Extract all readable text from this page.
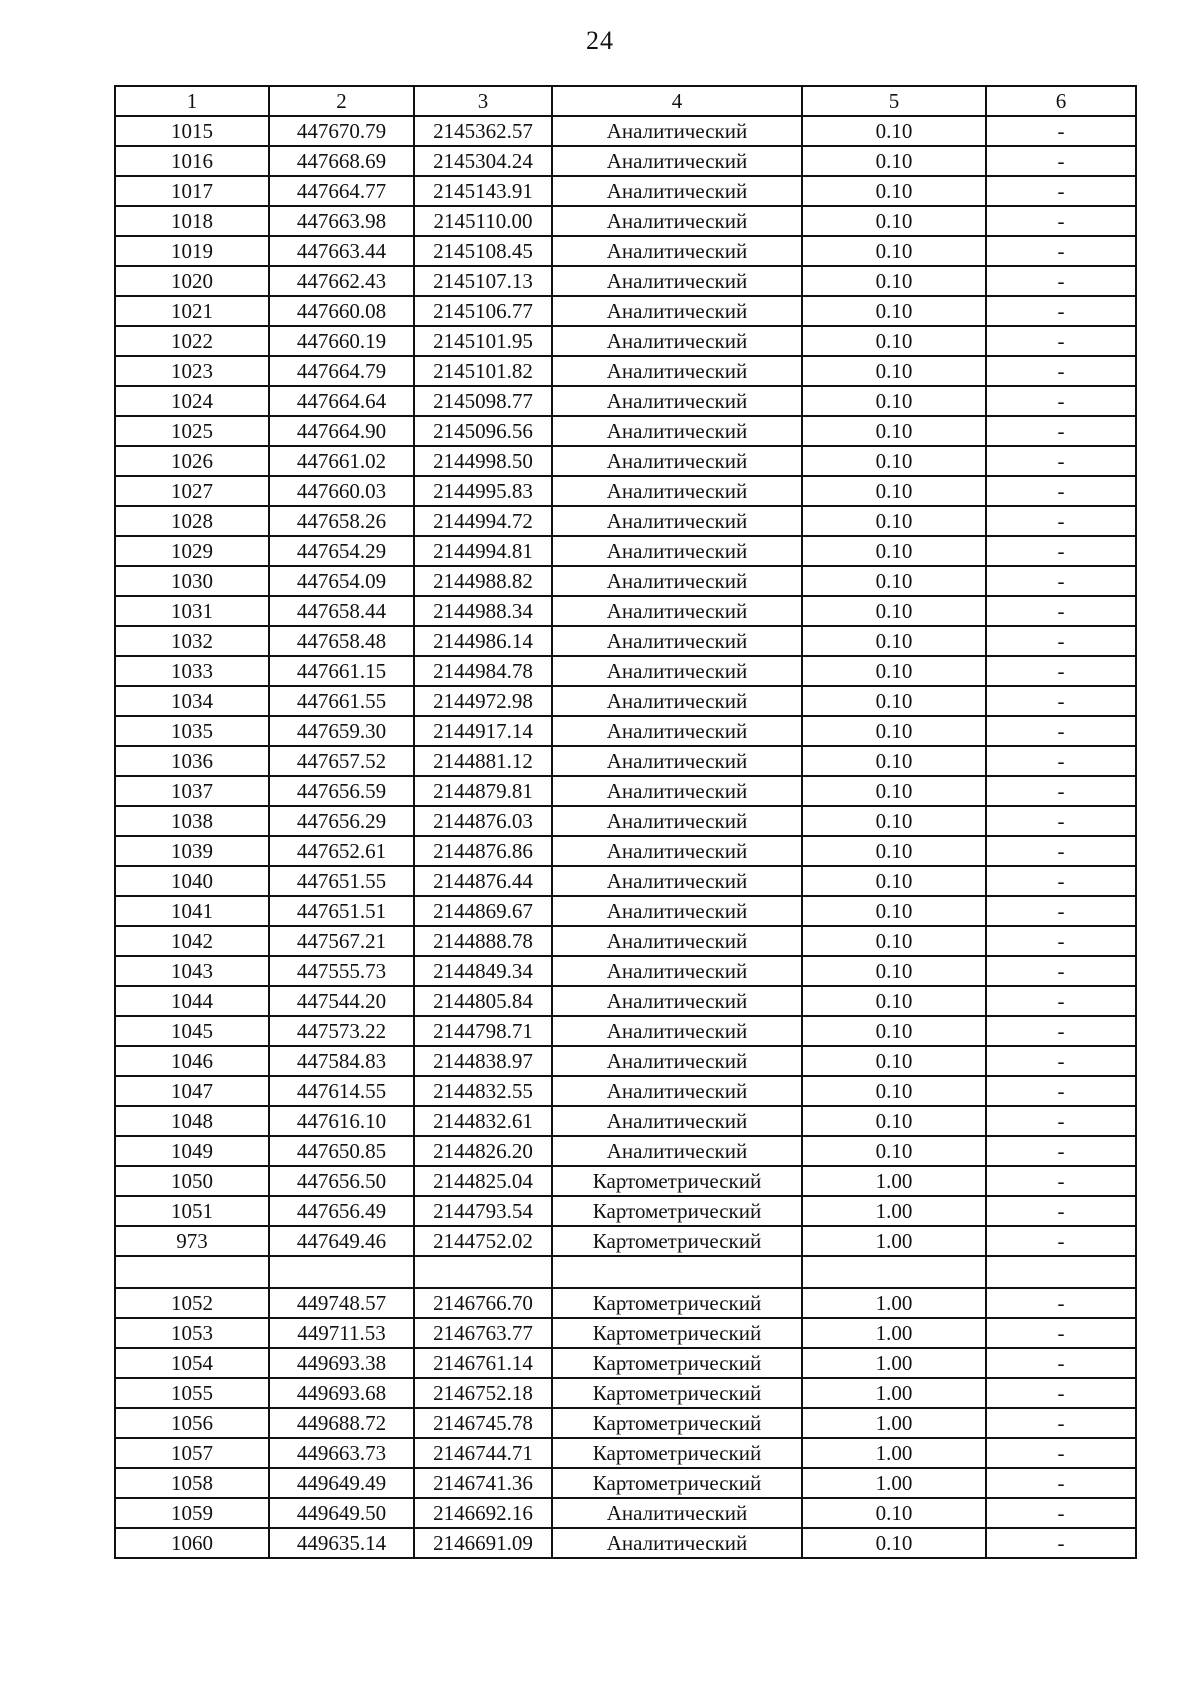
24
1	2	3	4	5	6
1015	447670.79	2145362.57	Аналитический	0.10	-
1016	447668.69	2145304.24	Аналитический	0.10	-
1017	447664.77	2145143.91	Аналитический	0.10	-
1018	447663.98	2145110.00	Аналитический	0.10	-
1019	447663.44	2145108.45	Аналитический	0.10	-
1020	447662.43	2145107.13	Аналитический	0.10	-
1021	447660.08	2145106.77	Аналитический	0.10	-
1022	447660.19	2145101.95	Аналитический	0.10	-
1023	447664.79	2145101.82	Аналитический	0.10	-
1024	447664.64	2145098.77	Аналитический	0.10	-
1025	447664.90	2145096.56	Аналитический	0.10	-
1026	447661.02	2144998.50	Аналитический	0.10	-
1027	447660.03	2144995.83	Аналитический	0.10	-
1028	447658.26	2144994.72	Аналитический	0.10	-
1029	447654.29	2144994.81	Аналитический	0.10	-
1030	447654.09	2144988.82	Аналитический	0.10	-
1031	447658.44	2144988.34	Аналитический	0.10	-
1032	447658.48	2144986.14	Аналитический	0.10	-
1033	447661.15	2144984.78	Аналитический	0.10	-
1034	447661.55	2144972.98	Аналитический	0.10	-
1035	447659.30	2144917.14	Аналитический	0.10	-
1036	447657.52	2144881.12	Аналитический	0.10	-
1037	447656.59	2144879.81	Аналитический	0.10	-
1038	447656.29	2144876.03	Аналитический	0.10	-
1039	447652.61	2144876.86	Аналитический	0.10	-
1040	447651.55	2144876.44	Аналитический	0.10	-
1041	447651.51	2144869.67	Аналитический	0.10	-
1042	447567.21	2144888.78	Аналитический	0.10	-
1043	447555.73	2144849.34	Аналитический	0.10	-
1044	447544.20	2144805.84	Аналитический	0.10	-
1045	447573.22	2144798.71	Аналитический	0.10	-
1046	447584.83	2144838.97	Аналитический	0.10	-
1047	447614.55	2144832.55	Аналитический	0.10	-
1048	447616.10	2144832.61	Аналитический	0.10	-
1049	447650.85	2144826.20	Аналитический	0.10	-
1050	447656.50	2144825.04	Картометрический	1.00	-
1051	447656.49	2144793.54	Картометрический	1.00	-
973	447649.46	2144752.02	Картометрический	1.00	-

1052	449748.57	2146766.70	Картометрический	1.00	-
1053	449711.53	2146763.77	Картометрический	1.00	-
1054	449693.38	2146761.14	Картометрический	1.00	-
1055	449693.68	2146752.18	Картометрический	1.00	-
1056	449688.72	2146745.78	Картометрический	1.00	-
1057	449663.73	2146744.71	Картометрический	1.00	-
1058	449649.49	2146741.36	Картометрический	1.00	-
1059	449649.50	2146692.16	Аналитический	0.10	-
1060	449635.14	2146691.09	Аналитический	0.10	-
